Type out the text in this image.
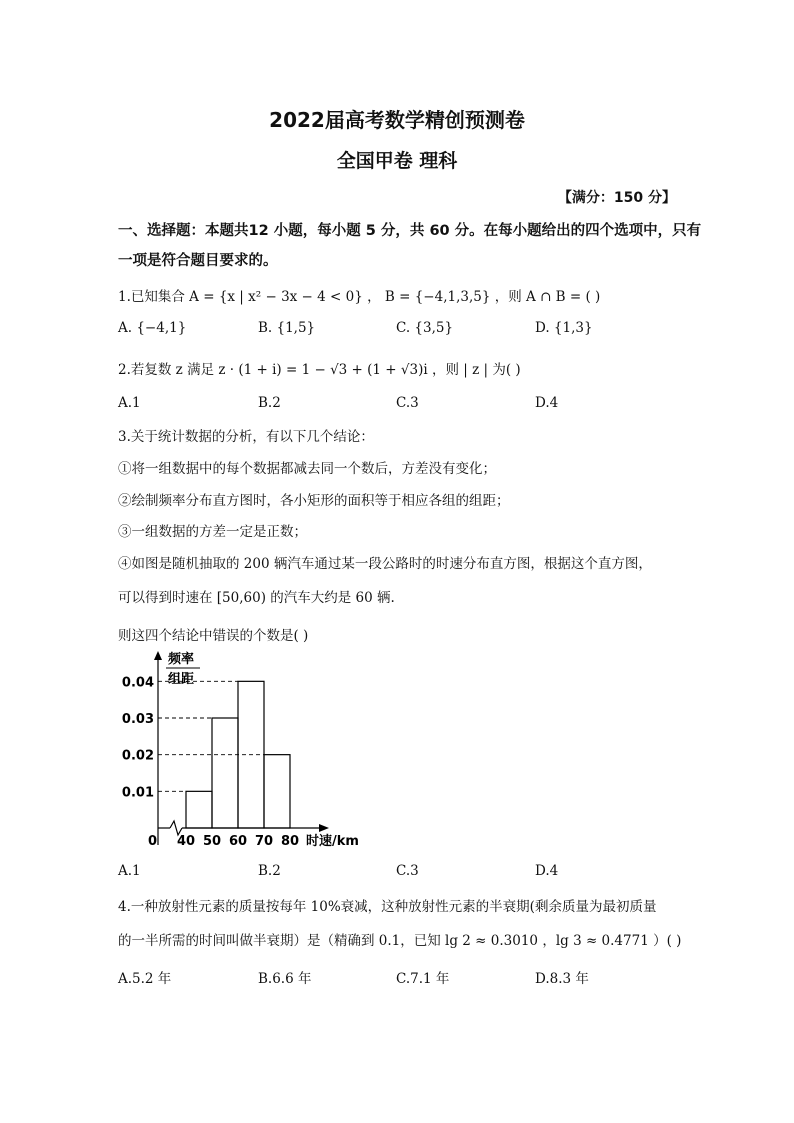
2022届高考数学精创预测卷
全国甲卷 理科
【满分：150 分】
一、选择题：本题共12 小题，每小题 5 分，共 60 分。在每小题给出的四个选项中，只有
一项是符合题目要求的。
1.已知集合 A = {x | x² − 3x − 4 < 0} ， B = {−4,1,3,5} ，则 A ∩ B = ( )
A. {−4,1}	B. {1,5}	C. {3,5}	D. {1,3}
2.若复数 z 满足 z · (1 + i) = 1 − √3 + (1 + √3)i ，则 | z | 为( )
A.1	B.2	C.3	D.4
3.关于统计数据的分析，有以下几个结论：
①将一组数据中的每个数据都减去同一个数后，方差没有变化；
②绘制频率分布直方图时，各小矩形的面积等于相应各组的组距；
③一组数据的方差一定是正数；
④如图是随机抽取的 200 辆汽车通过某一段公路时的时速分布直方图，根据这个直方图，
可以得到时速在 [50,60) 的汽车大约是 60 辆.
则这四个结论中错误的个数是( )
频率
组距
0	时速/km
40 50 60 70 80
0.01
0.02
0.03
0.04
A.1	B.2	C.3	D.4
4.一种放射性元素的质量按每年 10%衰减，这种放射性元素的半衰期(剩余质量为最初质量
的一半所需的时间叫做半衰期）是（精确到 0.1，已知 lg 2 ≈ 0.3010 ，lg 3 ≈ 0.4771 ）( )
A.5.2 年	B.6.6 年	C.7.1 年	D.8.3 年
